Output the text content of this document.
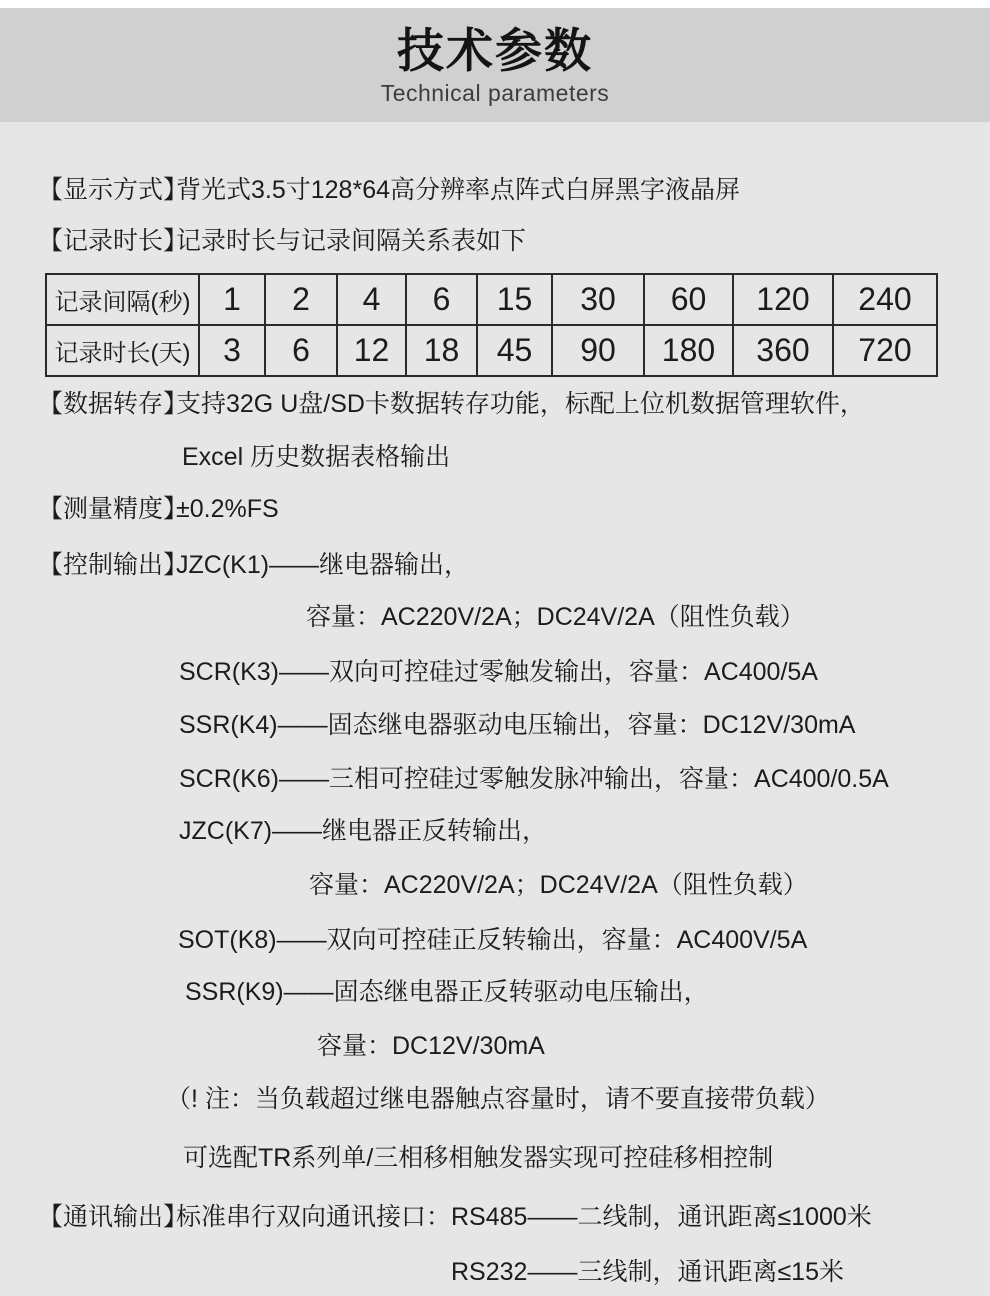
技术参数
Technical parameters
【显示方式】背光式3.5寸128*64高分辨率点阵式白屏黑字液晶屏
【记录时长】记录时长与记录间隔关系表如下
记录间隔(秒)	1	2	4	6	15	30	60	120	240
记录时长(天)	3	6	12	18	45	90	180	360	720
【数据转存】支持32G U盘/SD卡数据转存功能，标配上位机数据管理软件，
Excel 历史数据表格输出
【测量精度】±0.2%FS
【控制输出】JZC(K1)——继电器输出，
容量：AC220V/2A；DC24V/2A（阻性负载）
SCR(K3)——双向可控硅过零触发输出，容量：AC400/5A
SSR(K4)——固态继电器驱动电压输出，容量：DC12V/30mA
SCR(K6)——三相可控硅过零触发脉冲输出，容量：AC400/0.5A
JZC(K7)——继电器正反转输出，
容量：AC220V/2A；DC24V/2A（阻性负载）
SOT(K8)——双向可控硅正反转输出，容量：AC400V/5A
SSR(K9)——固态继电器正反转驱动电压输出，
容量：DC12V/30mA
（! 注：当负载超过继电器触点容量时，请不要直接带负载）
可选配TR系列单/三相移相触发器实现可控硅移相控制
【通讯输出】标准串行双向通讯接口：RS485——二线制，通讯距离≤1000米
RS232——三线制，通讯距离≤15米
